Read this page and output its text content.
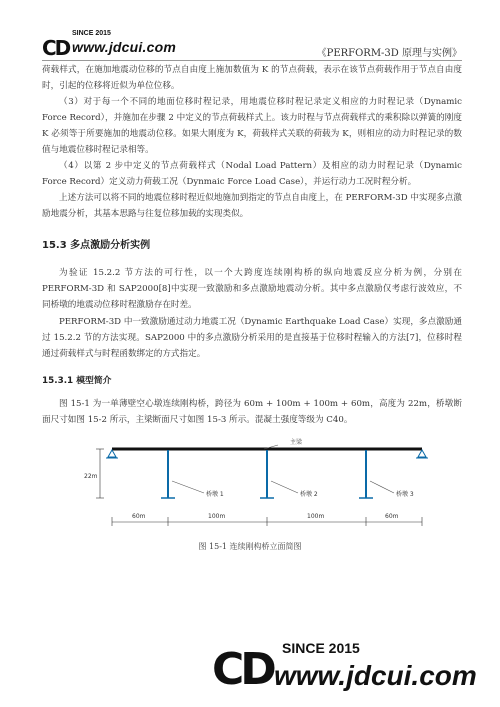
CD
SINCE 2015
www.jdcui.com	《PERFORM-3D 原理与实例》
荷载样式，在施加地震动位移的节点自由度上施加数值为 K 的节点荷载，表示在该节点荷载作用于节点自由度时，引起的位移将近似为单位位移。
（3）对于每一个不同的地面位移时程记录，用地震位移时程记录定义相应的力时程记录（Dynamic Force Record），并施加在步骤 2 中定义的节点荷载样式上。该力时程与节点荷载样式的乘积除以弹簧的刚度 K 必须等于所要施加的地震动位移。如果大刚度为 K，荷载样式关联的荷载为 K，则相应的动力时程记录的数值与地震位移时程记录相等。
（4）以第 2 步中定义的节点荷载样式（Nodal Load Pattern）及相应的动力时程记录（Dynamic Force Record）定义动力荷载工况（Dynmaic Force Load Case），并运行动力工况时程分析。
上述方法可以将不同的地震位移时程近似地施加到指定的节点自由度上，在 PERFORM-3D 中实现多点激励地震分析，其基本思路与往复位移加载的实现类似。
15.3 多点激励分析实例
为验证 15.2.2 节方法的可行性，以一个大跨度连续刚构桥的纵向地震反应分析为例，分别在 PERFORM-3D 和 SAP2000[8]中实现一致激励和多点激励地震动分析。其中多点激励仅考虑行波效应，不同桥墩的地震动位移时程激励存在时差。
PERFORM-3D 中一致激励通过动力地震工况（Dynamic Earthquake Load Case）实现，多点激励通过 15.2.2 节的方法实现。SAP2000 中的多点激励分析采用的是直接基于位移时程输入的方法[7]，位移时程通过荷载样式与时程函数绑定的方式指定。
15.3.1 模型简介
图 15-1 为一单薄壁空心墩连续刚构桥，跨径为 60m + 100m + 100m + 60m，高度为 22m，桥墩断面尺寸如图 15-2 所示，主梁断面尺寸如图 15-3 所示。混凝土强度等级为 C40。
主梁
桥墩 1	桥墩 2	桥墩 3
22m
60m	100m	100m	60m
图 15-1 连续刚构桥立面简图
CD SINCE 2015
www.jdcui.com
